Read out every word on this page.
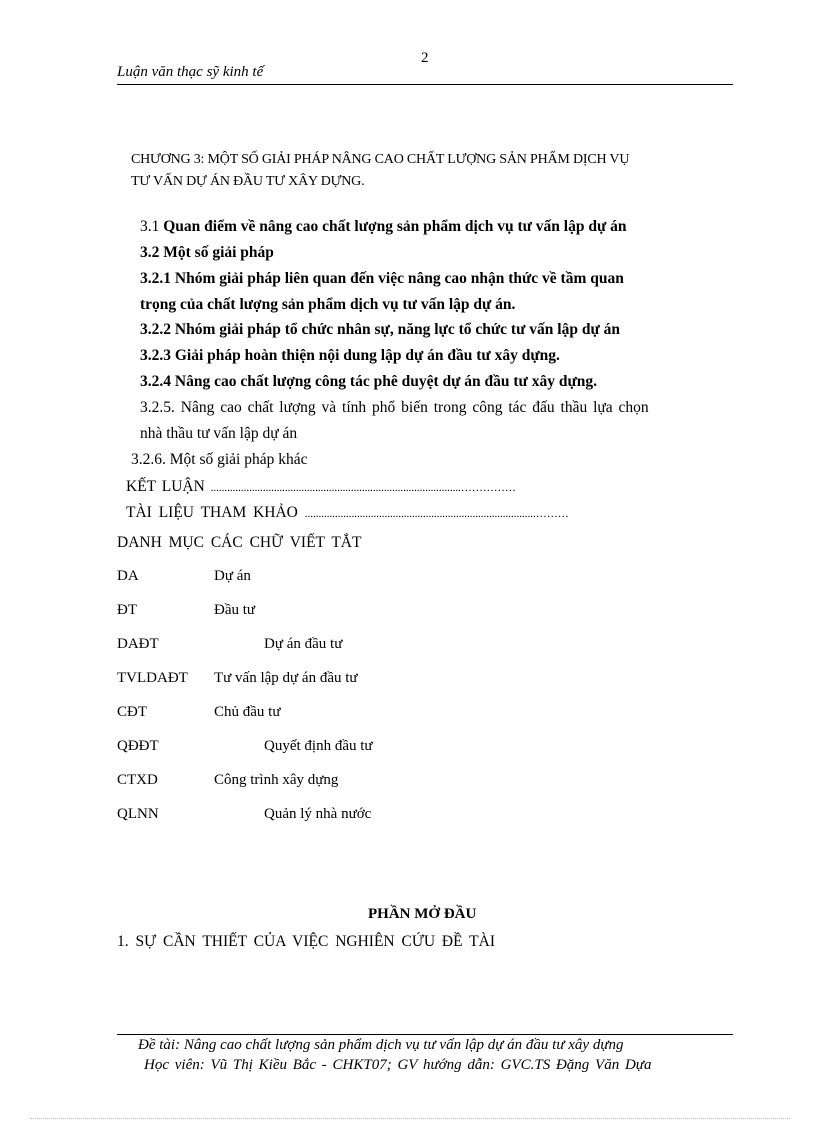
2
Luận văn thạc sỹ kinh tế
CHƯƠNG 3: MỘT SỐ GIẢI PHÁP NÂNG CAO CHẤT LƯỢNG SẢN PHẨM DỊCH VỤ
TƯ VẤN DỰ ÁN ĐẦU TƯ XÂY DỰNG.
3.1 Quan điểm về nâng cao chất lượng sản phẩm dịch vụ tư vấn lập dự án
3.2 Một số giải pháp
3.2.1 Nhóm giải pháp liên quan đến việc nâng cao nhận thức về tầm quan
trọng của chất lượng sản phẩm dịch vụ tư vấn lập dự án.
3.2.2 Nhóm giải pháp tổ chức nhân sự, năng lực tổ chức tư vấn lập dự án
3.2.3 Giải pháp hoàn thiện nội dung lập dự án đầu tư xây dựng.
3.2.4 Nâng cao chất lượng công tác phê duyệt dự án đầu tư xây dựng.
3.2.5. Nâng cao chất lượng và tính phổ biến trong công tác đấu thầu lựa chọn
nhà thầu tư vấn lập dự án
3.2.6. Một số giải pháp khác
KẾT LUẬN ...........................................................................................……………
TÀI LIỆU THAM KHẢO ....................................................................................………
DANH MỤC CÁC CHỮ VIẾT TẮT
DA	Dự án
ĐT	Đầu tư
DAĐT	Dự án đầu tư
TVLDAĐT Tư vấn lập dự án đầu tư
CĐT	Chủ đầu tư
QĐĐT	Quyết định đầu tư
CTXD	Công trình xây dựng
QLNN	Quản lý nhà nước
PHẦN MỞ ĐẦU
1. SỰ CẦN THIẾT CỦA VIỆC NGHIÊN CỨU ĐỀ TÀI
Đề tài: Nâng cao chất lượng sản phẩm dịch vụ tư vấn lập dự án đầu tư xây dựng
Học viên: Vũ Thị Kiều Bắc - CHKT07; GV hướng dẫn: GVC.TS Đặng Văn Dựa
